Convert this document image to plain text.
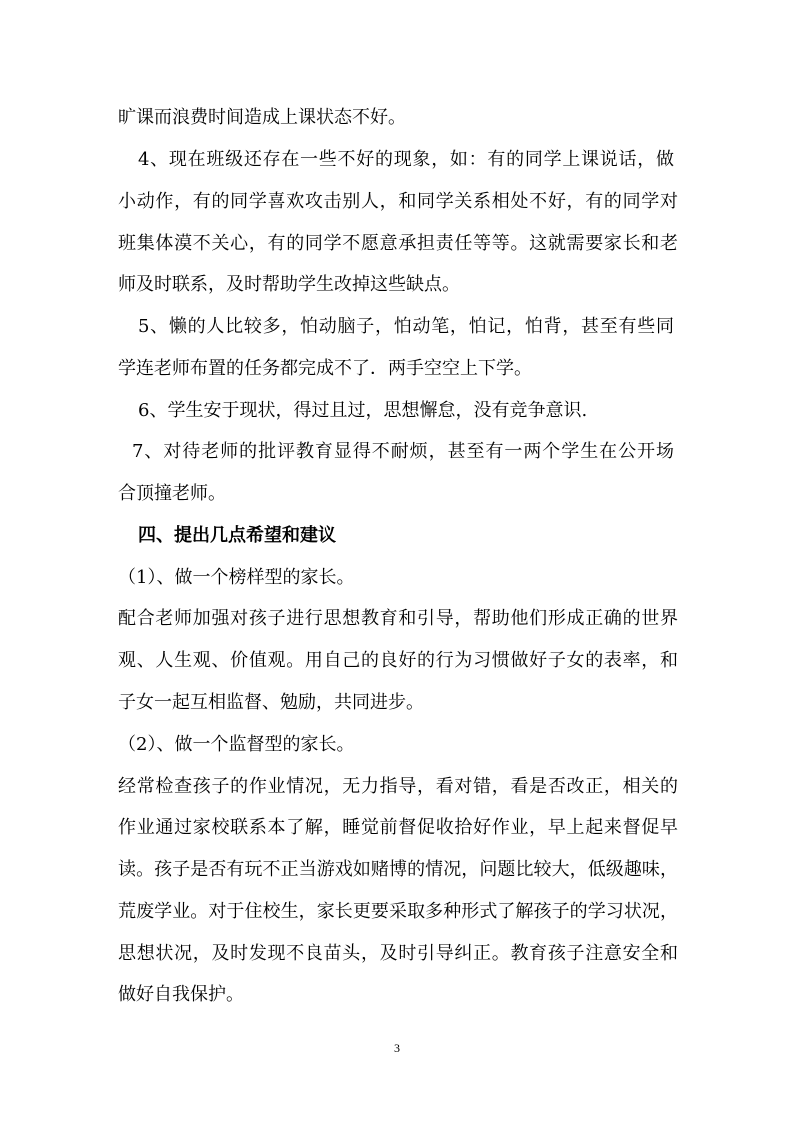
旷课而浪费时间造成上课状态不好。
4、现在班级还存在一些不好的现象，如：有的同学上课说话，做
小动作，有的同学喜欢攻击别人，和同学关系相处不好，有的同学对
班集体漠不关心，有的同学不愿意承担责任等等。这就需要家长和老
师及时联系，及时帮助学生改掉这些缺点。
5、懒的人比较多，怕动脑子，怕动笔，怕记，怕背，甚至有些同
学连老师布置的任务都完成不了．两手空空上下学。
6、学生安于现状，得过且过，思想懈怠，没有竞争意识.
7、对待老师的批评教育显得不耐烦，甚至有一两个学生在公开场
合顶撞老师。
四、提出几点希望和建议
（1）、做一个榜样型的家长。
配合老师加强对孩子进行思想教育和引导，帮助他们形成正确的世界
观、人生观、价值观。用自己的良好的行为习惯做好子女的表率，和
子女一起互相监督、勉励，共同进步。
（2）、做一个监督型的家长。
经常检查孩子的作业情况，无力指导，看对错，看是否改正，相关的
作业通过家校联系本了解，睡觉前督促收拾好作业，早上起来督促早
读。孩子是否有玩不正当游戏如赌博的情况，问题比较大，低级趣味，
荒废学业。对于住校生，家长更要采取多种形式了解孩子的学习状况，
思想状况，及时发现不良苗头，及时引导纠正。教育孩子注意安全和
做好自我保护。
3
